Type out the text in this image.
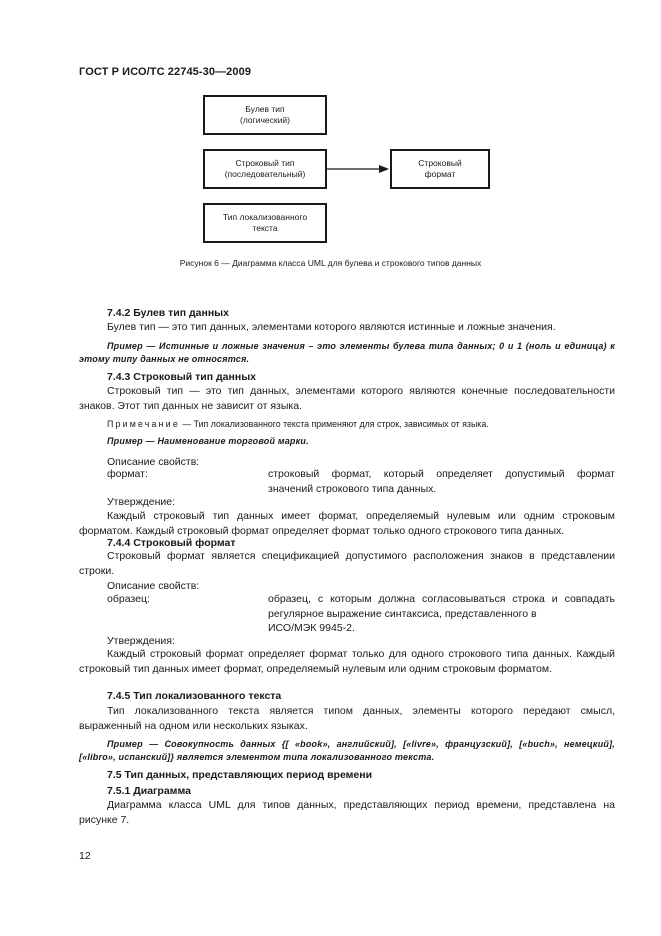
ГОСТ Р ИСО/ТС 22745-30—2009
Булев тип
(логический)
Строковый тип
(последовательный)
Строковый
формат
Тип локализованного
текста
Рисунок 6 — Диаграмма класса UML для булева и строкового типов данных
7.4.2 Булев тип данных
Булев тип — это тип данных, элементами которого являются истинные и ложные значения.
Пример — Истинные и ложные значения – это элементы булева типа данных; 0 и 1 (ноль и единица) к этому типу данных не относятся.
7.4.3 Строковый тип данных
Строковый тип — это тип данных, элементами которого являются конечные последовательности знаков. Этот тип данных не зависит от языка.
Примечание — Тип локализованного текста применяют для строк, зависимых от языка.
Пример — Наименование торговой марки.
Описание свойств:
формат:	строковый формат, который определяет допустимый формат значений строкового типа данных.
Утверждение:
Каждый строковый тип данных имеет формат, определяемый нулевым или одним строковым форматом. Каждый строковый формат определяет формат только одного строкового типа данных.
7.4.4 Строковый формат
Строковый формат является спецификацией допустимого расположения знаков в представлении строки.
Описание свойств:
образец:	образец, с которым должна согласовываться строка и совпадать регулярное выражение синтаксиса, представленного в
ИСО/МЭК 9945-2.
Утверждения:
Каждый строковый формат определяет формат только для одного строкового типа данных. Каждый строковый тип данных имеет формат, определяемый нулевым или одним строковым форматом.
7.4.5 Тип локализованного текста
Тип локализованного текста является типом данных, элементы которого передают смысл, выраженный на одном или нескольких языках.
Пример — Совокупность данных {[ «book», английский], [«livre», французский], [«buch», немецкий], [«libro», испанский]} является элементом типа локализованного текста.
7.5 Тип данных, представляющих период времени
7.5.1 Диаграмма
Диаграмма класса UML для типов данных, представляющих период времени, представлена на рисунке 7.
12
